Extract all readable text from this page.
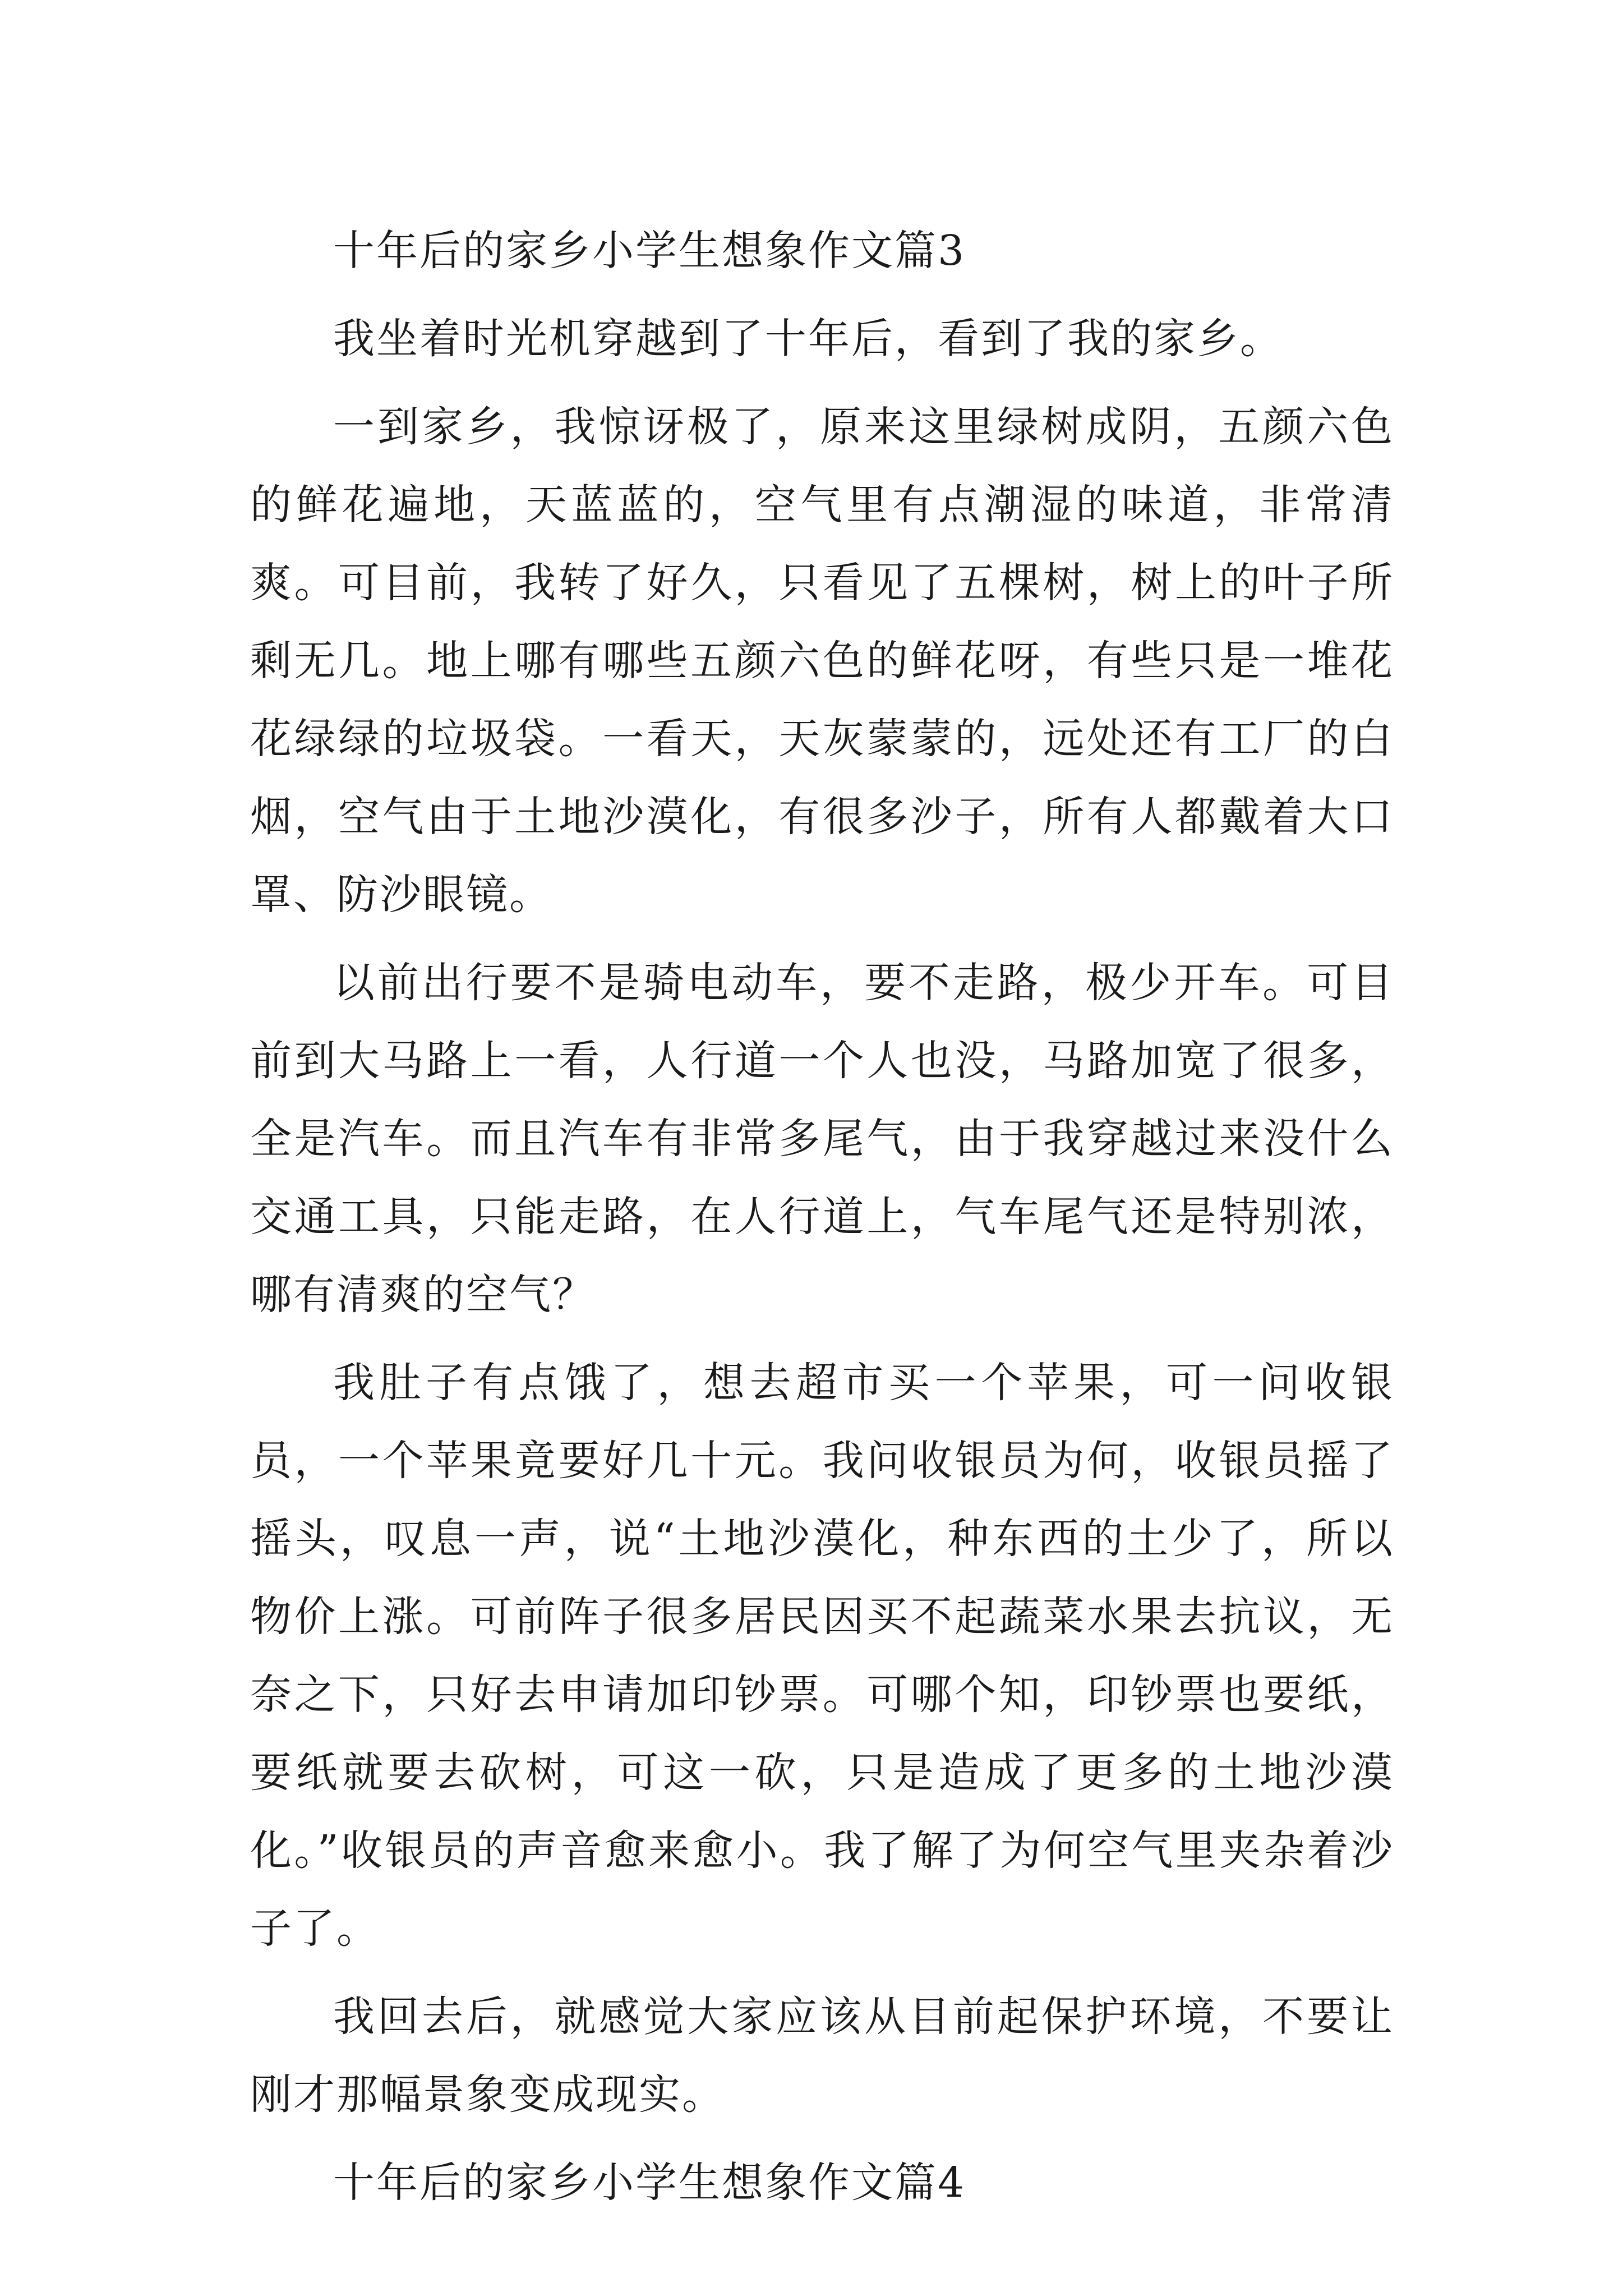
十年后的家乡小学生想象作文篇3

我坐着时光机穿越到了十年后，看到了我的家乡。

一到家乡，我惊讶极了，原来这里绿树成阴，五颜六色的鲜花遍地，天蓝蓝的，空气里有点潮湿的味道，非常清爽。可目前，我转了好久，只看见了五棵树，树上的叶子所剩无几。地上哪有哪些五颜六色的鲜花呀，有些只是一堆花花绿绿的垃圾袋。一看天，天灰蒙蒙的，远处还有工厂的白烟，空气由于土地沙漠化，有很多沙子，所有人都戴着大口罩、防沙眼镜。

以前出行要不是骑电动车，要不走路，极少开车。可目前到大马路上一看，人行道一个人也没，马路加宽了很多，全是汽车。而且汽车有非常多尾气，由于我穿越过来没什么交通工具，只能走路，在人行道上，气车尾气还是特别浓，哪有清爽的空气？

我肚子有点饿了，想去超市买一个苹果，可一问收银员，一个苹果竟要好几十元。我问收银员为何，收银员摇了摇头，叹息一声，说“土地沙漠化，种东西的土少了，所以物价上涨。可前阵子很多居民因买不起蔬菜水果去抗议，无奈之下，只好去申请加印钞票。可哪个知，印钞票也要纸，要纸就要去砍树，可这一砍，只是造成了更多的土地沙漠化。”收银员的声音愈来愈小。我了解了为何空气里夹杂着沙子了。

我回去后，就感觉大家应该从目前起保护环境，不要让刚才那幅景象变成现实。

十年后的家乡小学生想象作文篇4
